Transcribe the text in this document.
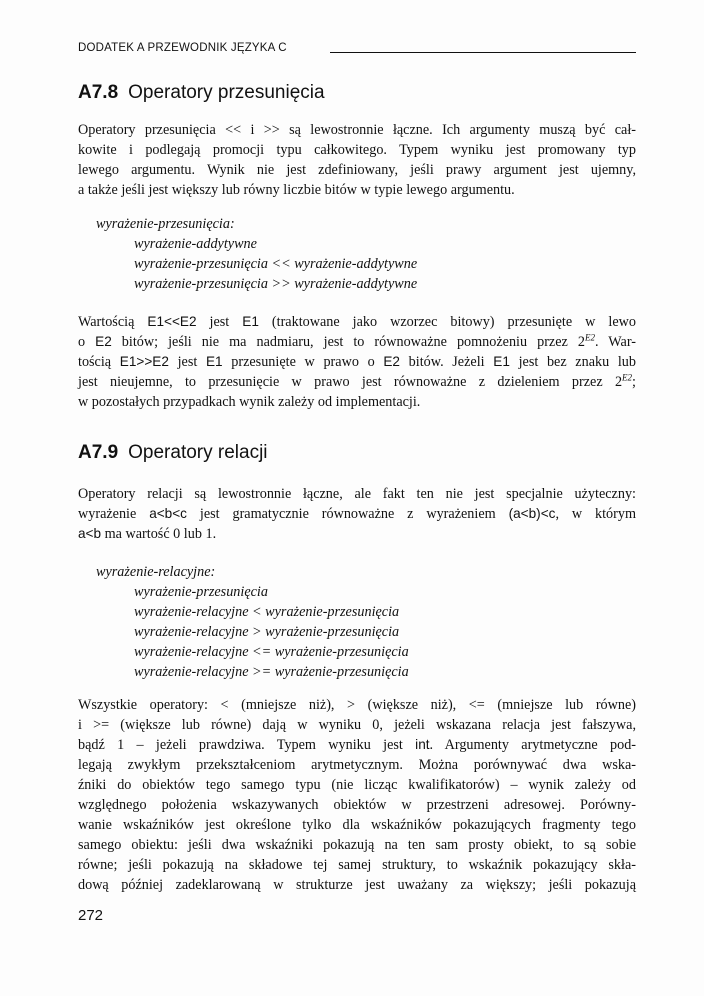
DODATEK A PRZEWODNIK JĘZYKA C
A7.8 Operatory przesunięcia
Operatory przesunięcia << i >> są lewostronnie łączne. Ich argumenty muszą być cał-
kowite i podlegają promocji typu całkowitego. Typem wyniku jest promowany typ
lewego argumentu. Wynik nie jest zdefiniowany, jeśli prawy argument jest ujemny,
a także jeśli jest większy lub równy liczbie bitów w typie lewego argumentu.
wyrażenie-przesunięcia:
wyrażenie-addytywne
wyrażenie-przesunięcia << wyrażenie-addytywne
wyrażenie-przesunięcia >> wyrażenie-addytywne
Wartością E1<<E2 jest E1 (traktowane jako wzorzec bitowy) przesunięte w lewo
o E2 bitów; jeśli nie ma nadmiaru, jest to równoważne pomnożeniu przez $2^{E2}$. War-
tością E1>>E2 jest E1 przesunięte w prawo o E2 bitów. Jeżeli E1 jest bez znaku lub
jest nieujemne, to przesunięcie w prawo jest równoważne z dzieleniem przez $2^{E2}$;
w pozostałych przypadkach wynik zależy od implementacji.
A7.9 Operatory relacji
Operatory relacji są lewostronnie łączne, ale fakt ten nie jest specjalnie użyteczny:
wyrażenie a<b<c jest gramatycznie równoważne z wyrażeniem (a<b)<c, w którym
a<b ma wartość 0 lub 1.
wyrażenie-relacyjne:
wyrażenie-przesunięcia
wyrażenie-relacyjne < wyrażenie-przesunięcia
wyrażenie-relacyjne > wyrażenie-przesunięcia
wyrażenie-relacyjne <= wyrażenie-przesunięcia
wyrażenie-relacyjne >= wyrażenie-przesunięcia
Wszystkie operatory: < (mniejsze niż), > (większe niż), <= (mniejsze lub równe)
i >= (większe lub równe) dają w wyniku 0, jeżeli wskazana relacja jest fałszywa,
bądź 1 – jeżeli prawdziwa. Typem wyniku jest int. Argumenty arytmetyczne pod-
legają zwykłym przekształceniom arytmetycznym. Można porównywać dwa wska-
źniki do obiektów tego samego typu (nie licząc kwalifikatorów) – wynik zależy od
względnego położenia wskazywanych obiektów w przestrzeni adresowej. Porówny-
wanie wskaźników jest określone tylko dla wskaźników pokazujących fragmenty tego
samego obiektu: jeśli dwa wskaźniki pokazują na ten sam prosty obiekt, to są sobie
równe; jeśli pokazują na składowe tej samej struktury, to wskaźnik pokazujący skła-
dową później zadeklarowaną w strukturze jest uważany za większy; jeśli pokazują
272
